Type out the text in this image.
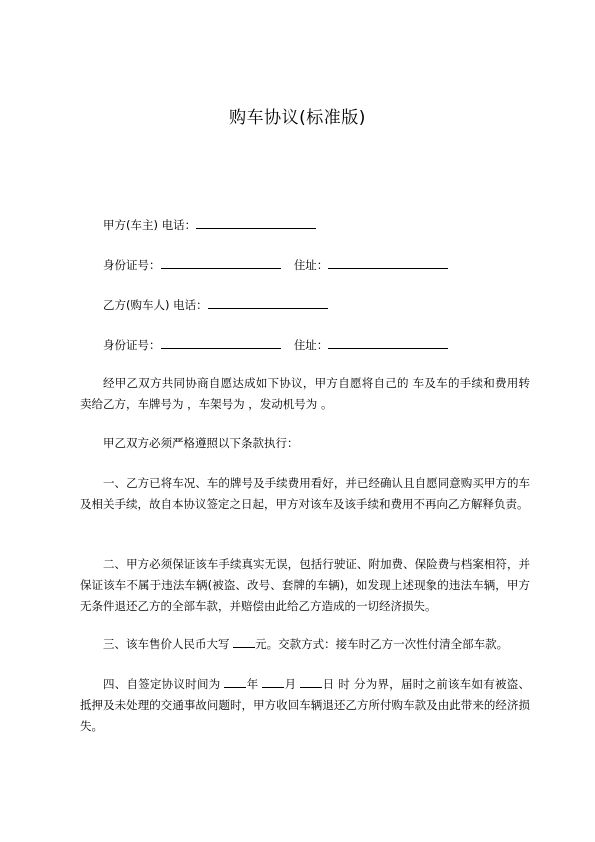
购车协议(标准版)
甲方(车主) 电话：
身份证号：	住址：
乙方(购车人) 电话：
身份证号：	住址：
经甲乙双方共同协商自愿达成如下协议，甲方自愿将自己的 车及车的手续和费用转卖给乙方，车牌号为 ，车架号为 ，发动机号为 。
甲乙双方必须严格遵照以下条款执行：
一、乙方已将车况、车的牌号及手续费用看好，并已经确认且自愿同意购买甲方的车及相关手续，故自本协议签定之日起，甲方对该车及该手续和费用不再向乙方解释负责。
二、甲方必须保证该车手续真实无误，包括行驶证、附加费、保险费与档案相符，并保证该车不属于违法车辆(被盗、改号、套牌的车辆)，如发现上述现象的违法车辆，甲方无条件退还乙方的全部车款，并赔偿由此给乙方造成的一切经济损失。
三、该车售价人民币大写 元。交款方式：接车时乙方一次性付清全部车款。
四、自签定协议时间为 年 月 日 时 分为界，届时之前该车如有被盗、抵押及未处理的交通事故问题时，甲方收回车辆退还乙方所付购车款及由此带来的经济损失。
